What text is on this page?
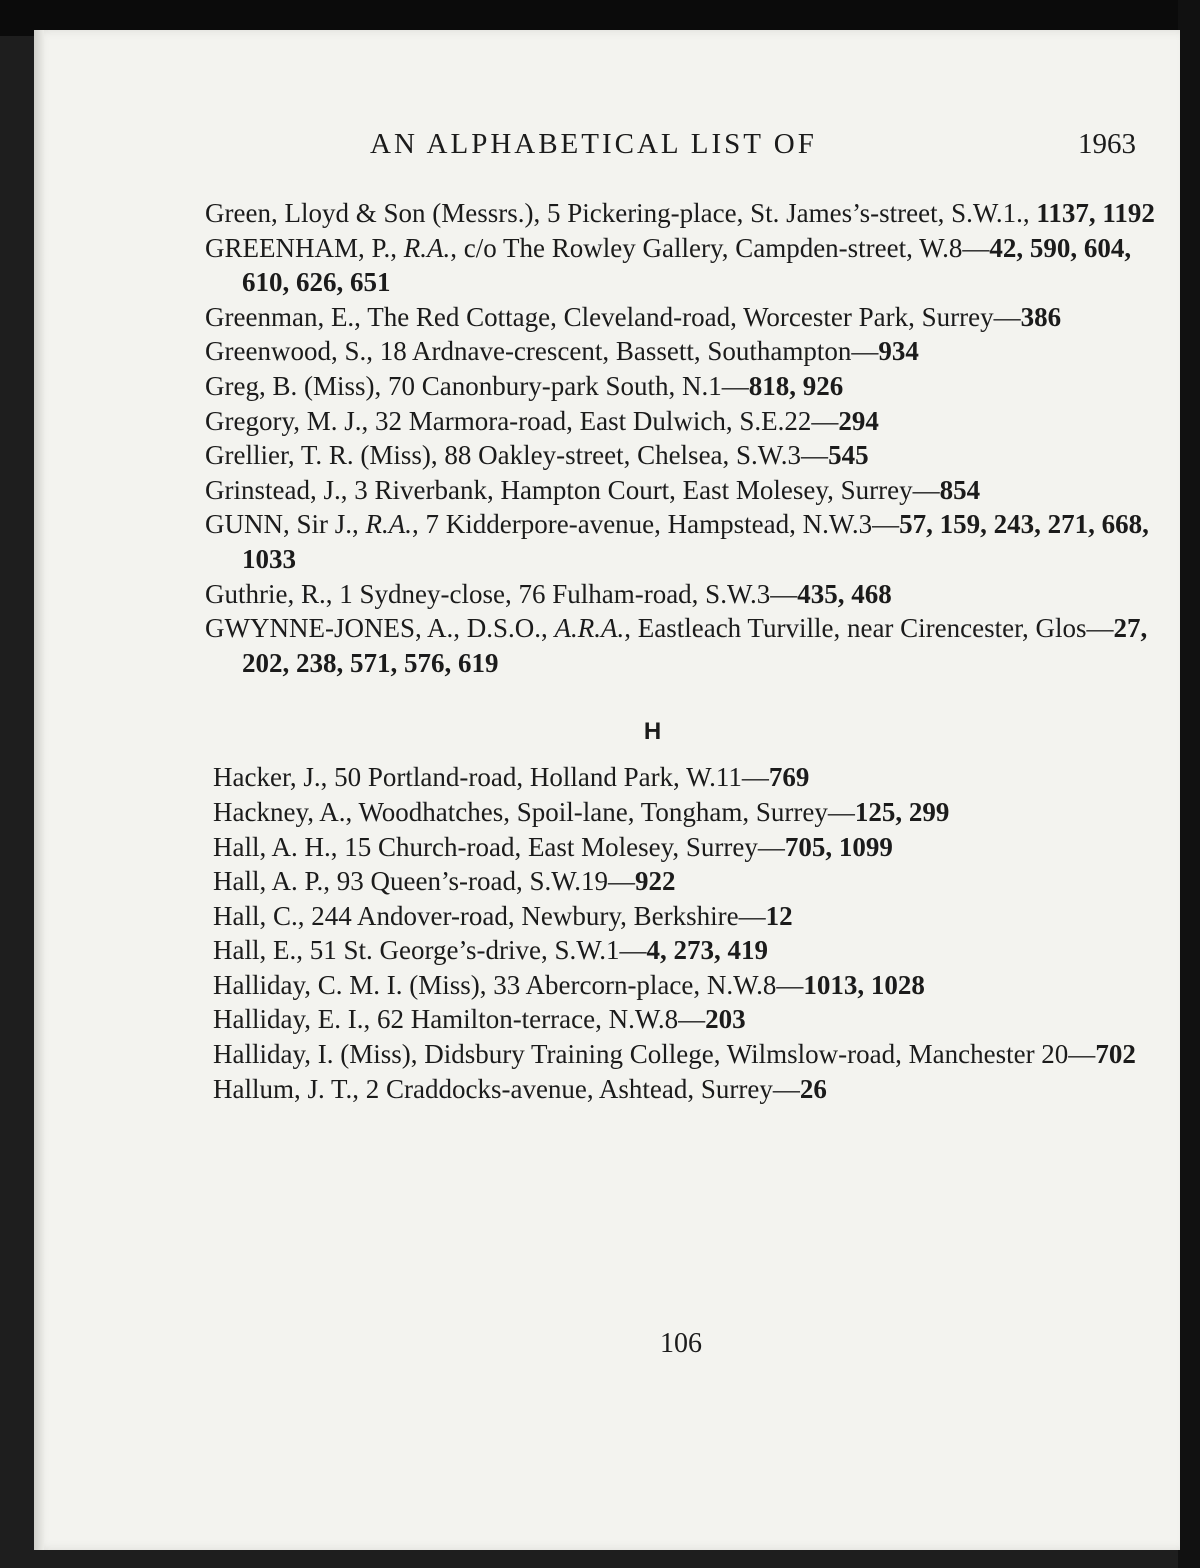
AN ALPHABETICAL LIST OF	1963
Green, Lloyd & Son (Messrs.), 5 Pickering-place, St. James’s-street, S.W.1., 1137, 1192
GREENHAM, P., R.A., c/o The Rowley Gallery, Campden-street, W.8—42, 590, 604, 610, 626, 651
Greenman, E., The Red Cottage, Cleveland-road, Worcester Park, Surrey—386
Greenwood, S., 18 Ardnave-crescent, Bassett, Southampton—934
Greg, B. (Miss), 70 Canonbury-park South, N.1—818, 926
Gregory, M. J., 32 Marmora-road, East Dulwich, S.E.22—294
Grellier, T. R. (Miss), 88 Oakley-street, Chelsea, S.W.3—545
Grinstead, J., 3 Riverbank, Hampton Court, East Molesey, Surrey—854
GUNN, Sir J., R.A., 7 Kidderpore-avenue, Hampstead, N.W.3—57, 159, 243, 271, 668, 1033
Guthrie, R., 1 Sydney-close, 76 Fulham-road, S.W.3—435, 468
GWYNNE-JONES, A., D.S.O., A.R.A., Eastleach Turville, near Cirencester, Glos—27, 202, 238, 571, 576, 619
H
Hacker, J., 50 Portland-road, Holland Park, W.11—769
Hackney, A., Woodhatches, Spoil-lane, Tongham, Surrey—125, 299
Hall, A. H., 15 Church-road, East Molesey, Surrey—705, 1099
Hall, A. P., 93 Queen’s-road, S.W.19—922
Hall, C., 244 Andover-road, Newbury, Berkshire—12
Hall, E., 51 St. George’s-drive, S.W.1—4, 273, 419
Halliday, C. M. I. (Miss), 33 Abercorn-place, N.W.8—1013, 1028
Halliday, E. I., 62 Hamilton-terrace, N.W.8—203
Halliday, I. (Miss), Didsbury Training College, Wilmslow-road, Manchester 20—702
Hallum, J. T., 2 Craddocks-avenue, Ashtead, Surrey—26
106
